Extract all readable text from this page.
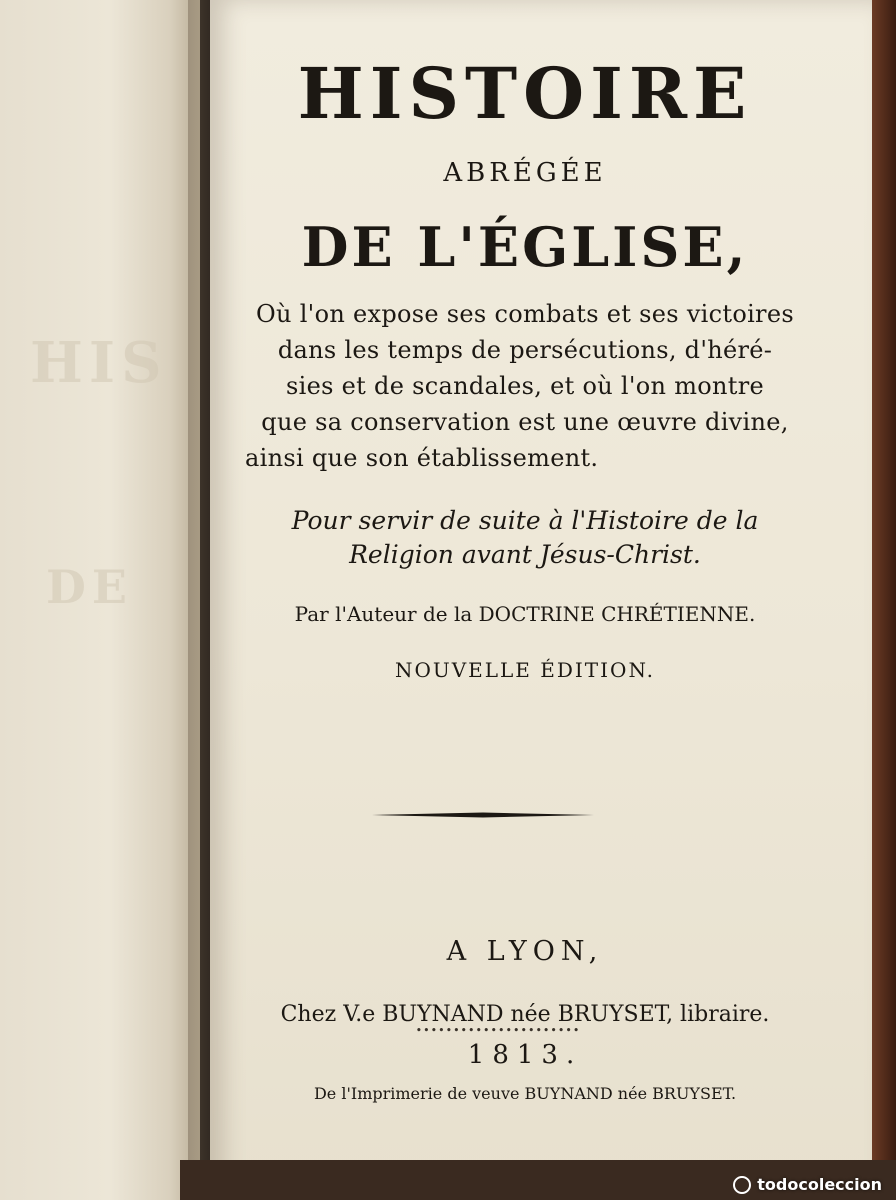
HIS
DE
HISTOIRE
ABRÉGÉE
DE L'ÉGLISE,
Où l'on expose ses combats et ses victoires
dans les temps de persécutions, d'héré-
sies et de scandales, et où l'on montre
que sa conservation est une œuvre divine,
ainsi que son établissement.
Pour servir de suite à l'Histoire de la
Religion avant Jésus-Christ.
Par l'Auteur de la DOCTRINE CHRÉTIENNE.
NOUVELLE ÉDITION.
A LYON,
Chez V.e BUYNAND née BRUYSET, libraire.
••••••••••••••••••••••
1813.
De l'Imprimerie de veuve BUYNAND née BRUYSET.
todocoleccion
